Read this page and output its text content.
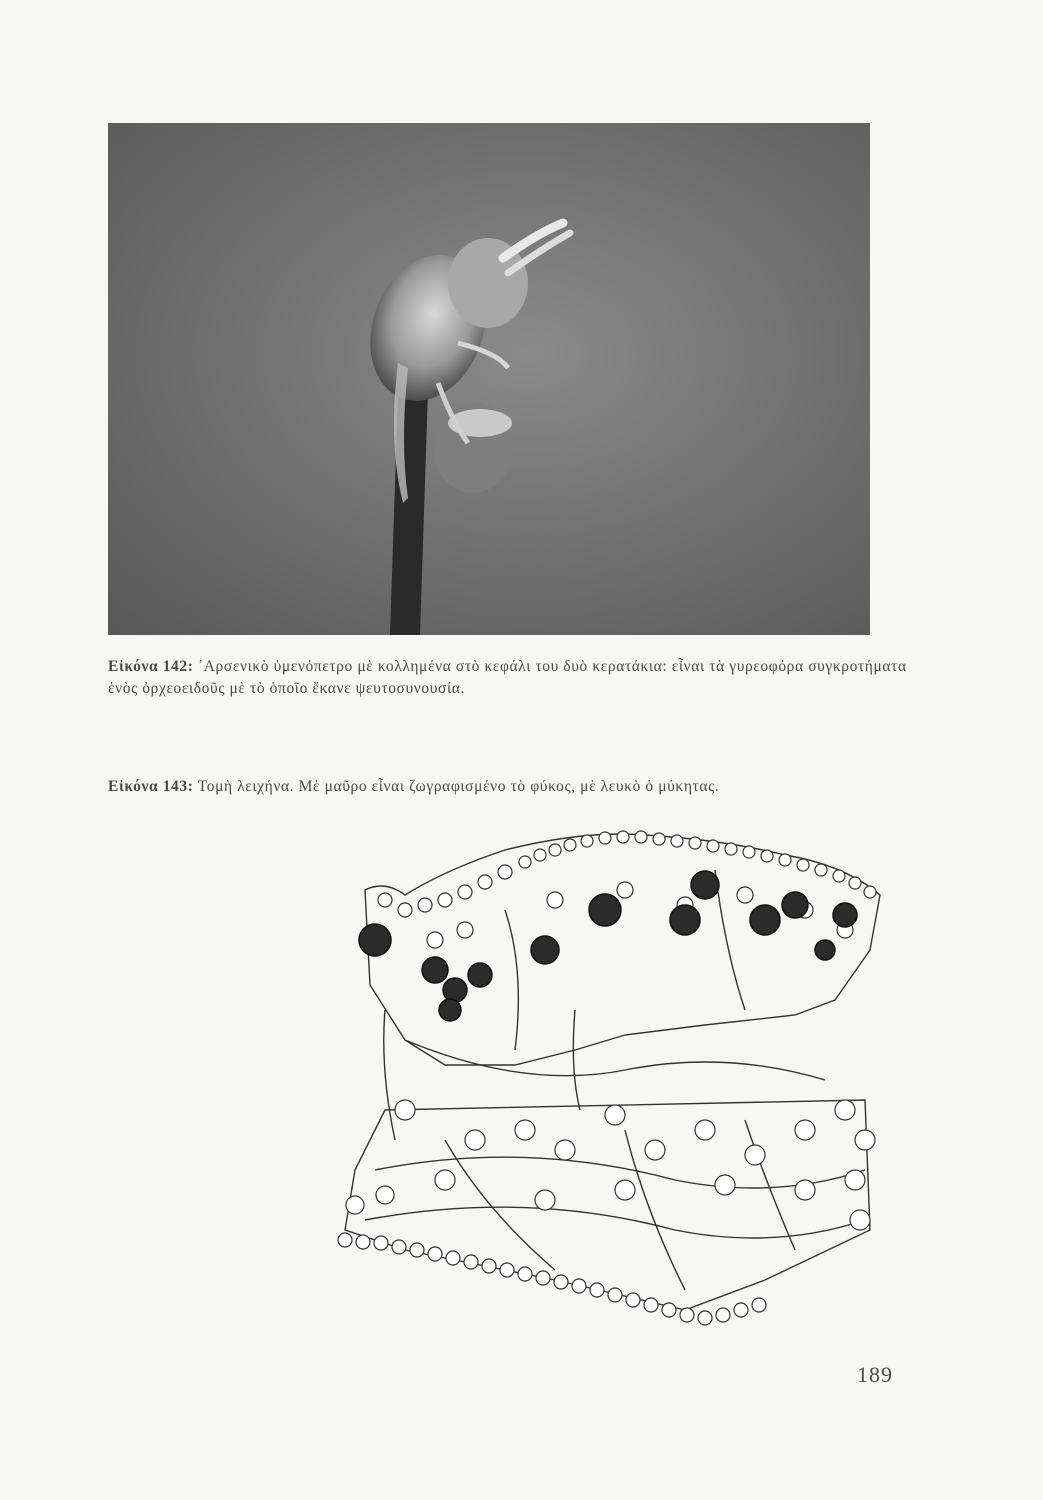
Εἰκόνα 142: ᾽Αρσενικὸ ὑμενόπετρο μὲ κολλημένα στὸ κεφάλι του δυὸ κερατάκια: εἶναι τὰ γυρεοφόρα συγκροτήματα ἑνὸς ὀρχεοειδοῦς μὲ τὸ ὁποῖο ἔκανε ψευτοσυνουσία.
Εἰκόνα 143: Τομὴ λειχήνα. Μὲ μαῦρο εἶναι ζωγραφισμένο τὸ φύκος, μὲ λευκὸ ὁ μύκητας.
189
